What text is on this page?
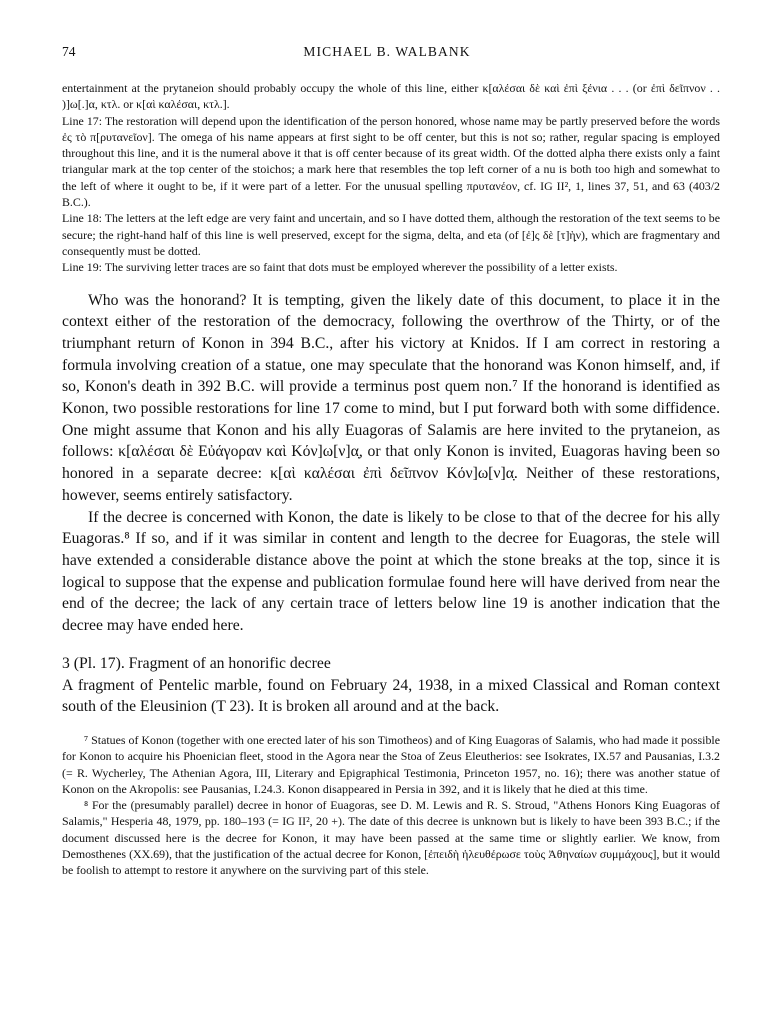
74	MICHAEL B. WALBANK

entertainment at the prytaneion should probably occupy the whole of this line, either κ[αλέσαι δὲ καὶ ἐπὶ ξένια . . . (or ἐπὶ δεῖπνον . . )]ω[.]α, κτλ. or κ[αὶ καλέσαι, κτλ.].

Line 17: The restoration will depend upon the identification of the person honored, whose name may be partly preserved before the words ἐς τὸ π[ρυτανεῖον]. The omega of his name appears at first sight to be off center, but this is not so; rather, regular spacing is employed throughout this line, and it is the numeral above it that is off center because of its great width. Of the dotted alpha there exists only a faint triangular mark at the top center of the stoichos; a mark here that resembles the top left corner of a nu is both too high and somewhat to the left of where it ought to be, if it were part of a letter. For the unusual spelling πρυτανέον, cf. IG II², 1, lines 37, 51, and 63 (403/2 B.C.).

Line 18: The letters at the left edge are very faint and uncertain, and so I have dotted them, although the restoration of the text seems to be secure; the right-hand half of this line is well preserved, except for the sigma, delta, and eta (of [ἐ]ς δὲ [τ]ὴ̣ν), which are fragmentary and consequently must be dotted.

Line 19: The surviving letter traces are so faint that dots must be employed wherever the possibility of a letter exists.

Who was the honorand? It is tempting, given the likely date of this document, to place it in the context either of the restoration of the democracy, following the overthrow of the Thirty, or of the triumphant return of Konon in 394 B.C., after his victory at Knidos. If I am correct in restoring a formula involving creation of a statue, one may speculate that the honorand was Konon himself, and, if so, Konon's death in 392 B.C. will provide a terminus post quem non.⁷ If the honorand is identified as Konon, two possible restorations for line 17 come to mind, but I put forward both with some diffidence. One might assume that Konon and his ally Euagoras of Salamis are here invited to the prytaneion, as follows: κ[αλέσαι δὲ Εὐάγοραν καὶ Κόν]ω[ν]α̣, or that only Konon is invited, Euagoras having been so honored in a separate decree: κ[αὶ καλέσαι ἐπὶ δεῖπνον Κόν]ω[ν]α̣. Neither of these restorations, however, seems entirely satisfactory.

If the decree is concerned with Konon, the date is likely to be close to that of the decree for his ally Euagoras.⁸ If so, and if it was similar in content and length to the decree for Euagoras, the stele will have extended a considerable distance above the point at which the stone breaks at the top, since it is logical to suppose that the expense and publication formulae found here will have derived from near the end of the decree; the lack of any certain trace of letters below line 19 is another indication that the decree may have ended here.

3 (Pl. 17). Fragment of an honorific decree

A fragment of Pentelic marble, found on February 24, 1938, in a mixed Classical and Roman context south of the Eleusinion (T 23). It is broken all around and at the back.

⁷ Statues of Konon (together with one erected later of his son Timotheos) and of King Euagoras of Salamis, who had made it possible for Konon to acquire his Phoenician fleet, stood in the Agora near the Stoa of Zeus Eleutherios: see Isokrates, IX.57 and Pausanias, I.3.2 (= R. Wycherley, The Athenian Agora, III, Literary and Epigraphical Testimonia, Princeton 1957, no. 16); there was another statue of Konon on the Akropolis: see Pausanias, I.24.3. Konon disappeared in Persia in 392, and it is likely that he died at this time.

⁸ For the (presumably parallel) decree in honor of Euagoras, see D. M. Lewis and R. S. Stroud, "Athens Honors King Euagoras of Salamis," Hesperia 48, 1979, pp. 180–193 (= IG II², 20 +). The date of this decree is unknown but is likely to have been 393 B.C.; if the document discussed here is the decree for Konon, it may have been passed at the same time or slightly earlier. We know, from Demosthenes (XX.69), that the justification of the actual decree for Konon, [ἐπειδὴ ἠλευθέρωσε τοὺς Ἀθηναίων συμμάχους], but it would be foolish to attempt to restore it anywhere on the surviving part of this stele.
